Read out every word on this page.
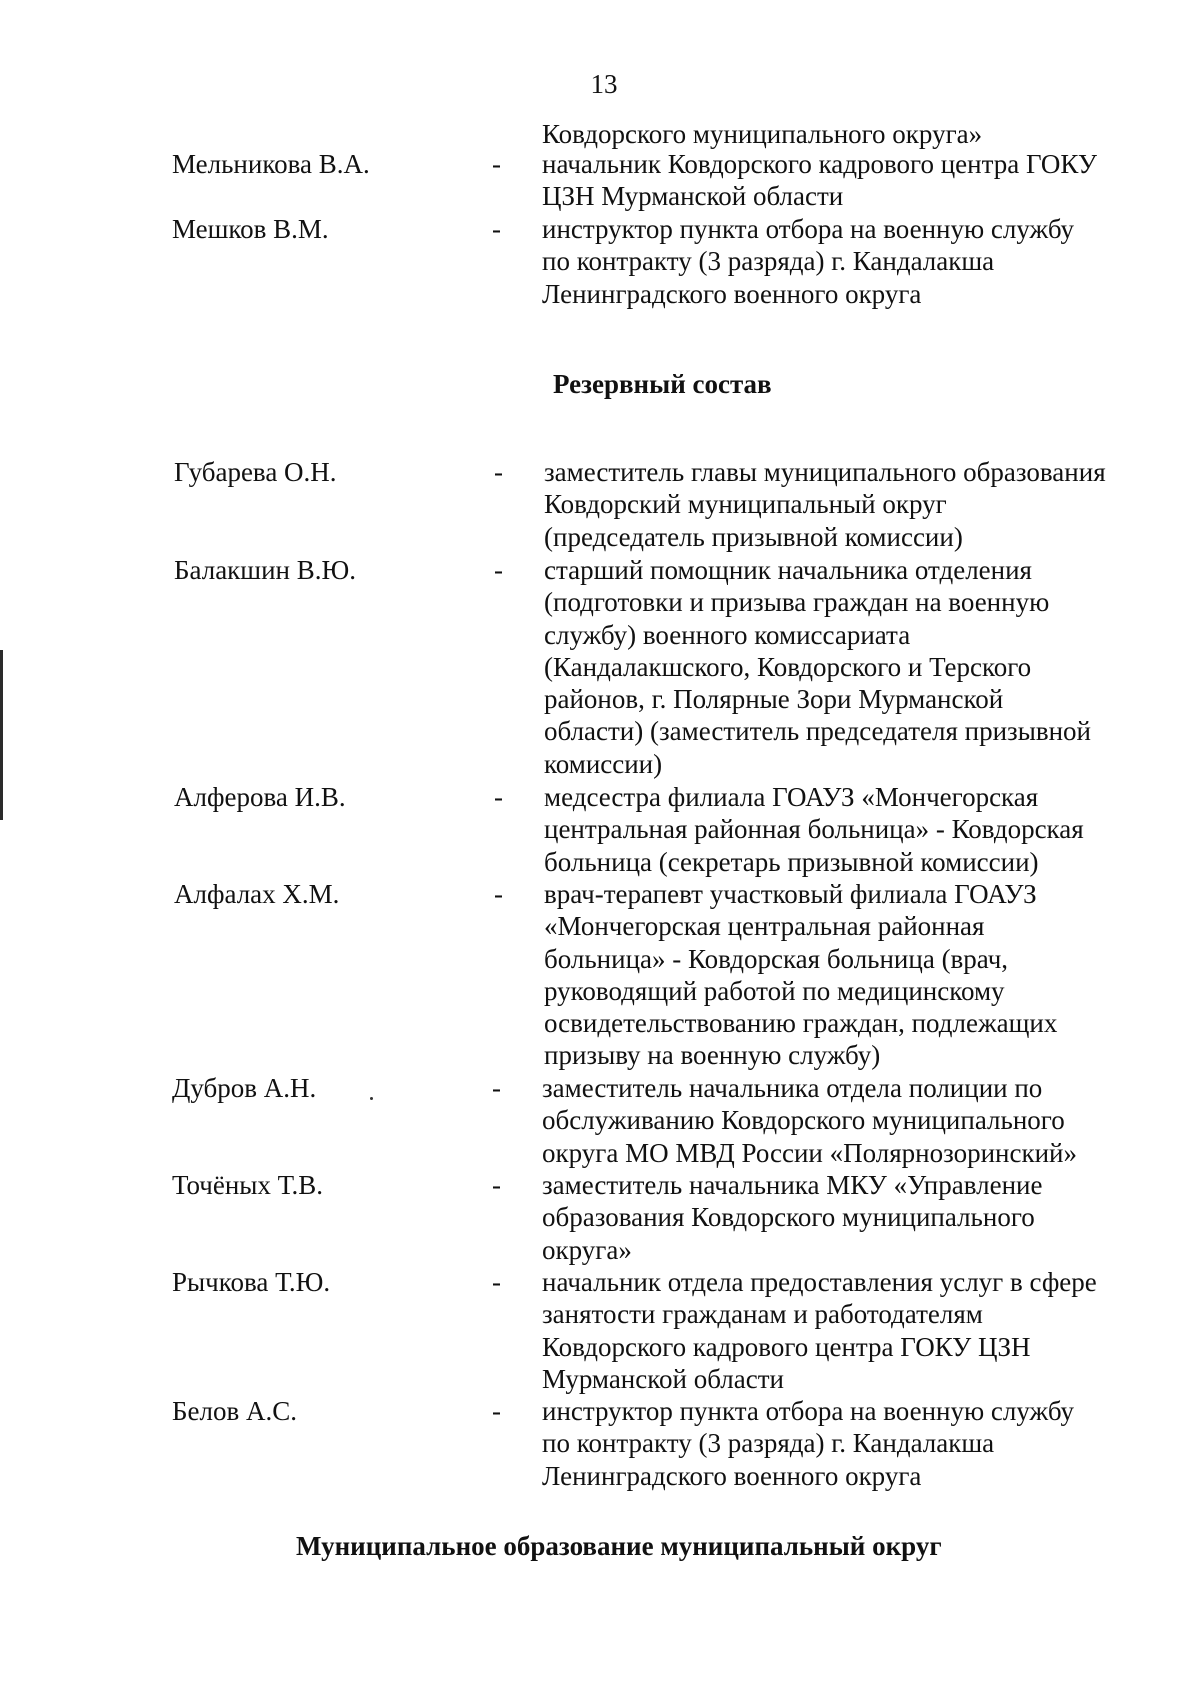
13
Ковдорского муниципального округа»
Мельникова В.А.	- начальник Ковдорского кадрового центра ГОКУ
ЦЗН Мурманской области
Мешков В.М.	- инструктор пункта отбора на военную службу
по контракту (3 разряда) г. Кандалакша
Ленинградского военного округа
Резервный состав
Губарева О.Н.	- заместитель главы муниципального образования
Ковдорский муниципальный округ
(председатель призывной комиссии)
Балакшин В.Ю.	- старший помощник начальника отделения
(подготовки и призыва граждан на военную
службу) военного комиссариата
(Кандалакшского, Ковдорского и Терского
районов, г. Полярные Зори Мурманской
области) (заместитель председателя призывной
комиссии)
Алферова И.В.	- медсестра филиала ГОАУЗ «Мончегорская
центральная районная больница» - Ковдорская
больница (секретарь призывной комиссии)
Алфалах Х.М.	- врач-терапевт участковый филиала ГОАУЗ
«Мончегорская центральная районная
больница» - Ковдорская больница (врач,
руководящий работой по медицинскому
освидетельствованию граждан, подлежащих
призыву на военную службу)
Дубров А.Н.	- заместитель начальника отдела полиции по
обслуживанию Ковдорского муниципального
округа МО МВД России «Полярнозоринский»
Точёных Т.В.	- заместитель начальника МКУ «Управление
образования Ковдорского муниципального
округа»
Рычкова Т.Ю.	- начальник отдела предоставления услуг в сфере
занятости гражданам и работодателям
Ковдорского кадрового центра ГОКУ ЦЗН
Мурманской области
Белов А.С.	- инструктор пункта отбора на военную службу
по контракту (3 разряда) г. Кандалакша
Ленинградского военного округа
Муниципальное образование муниципальный округ
